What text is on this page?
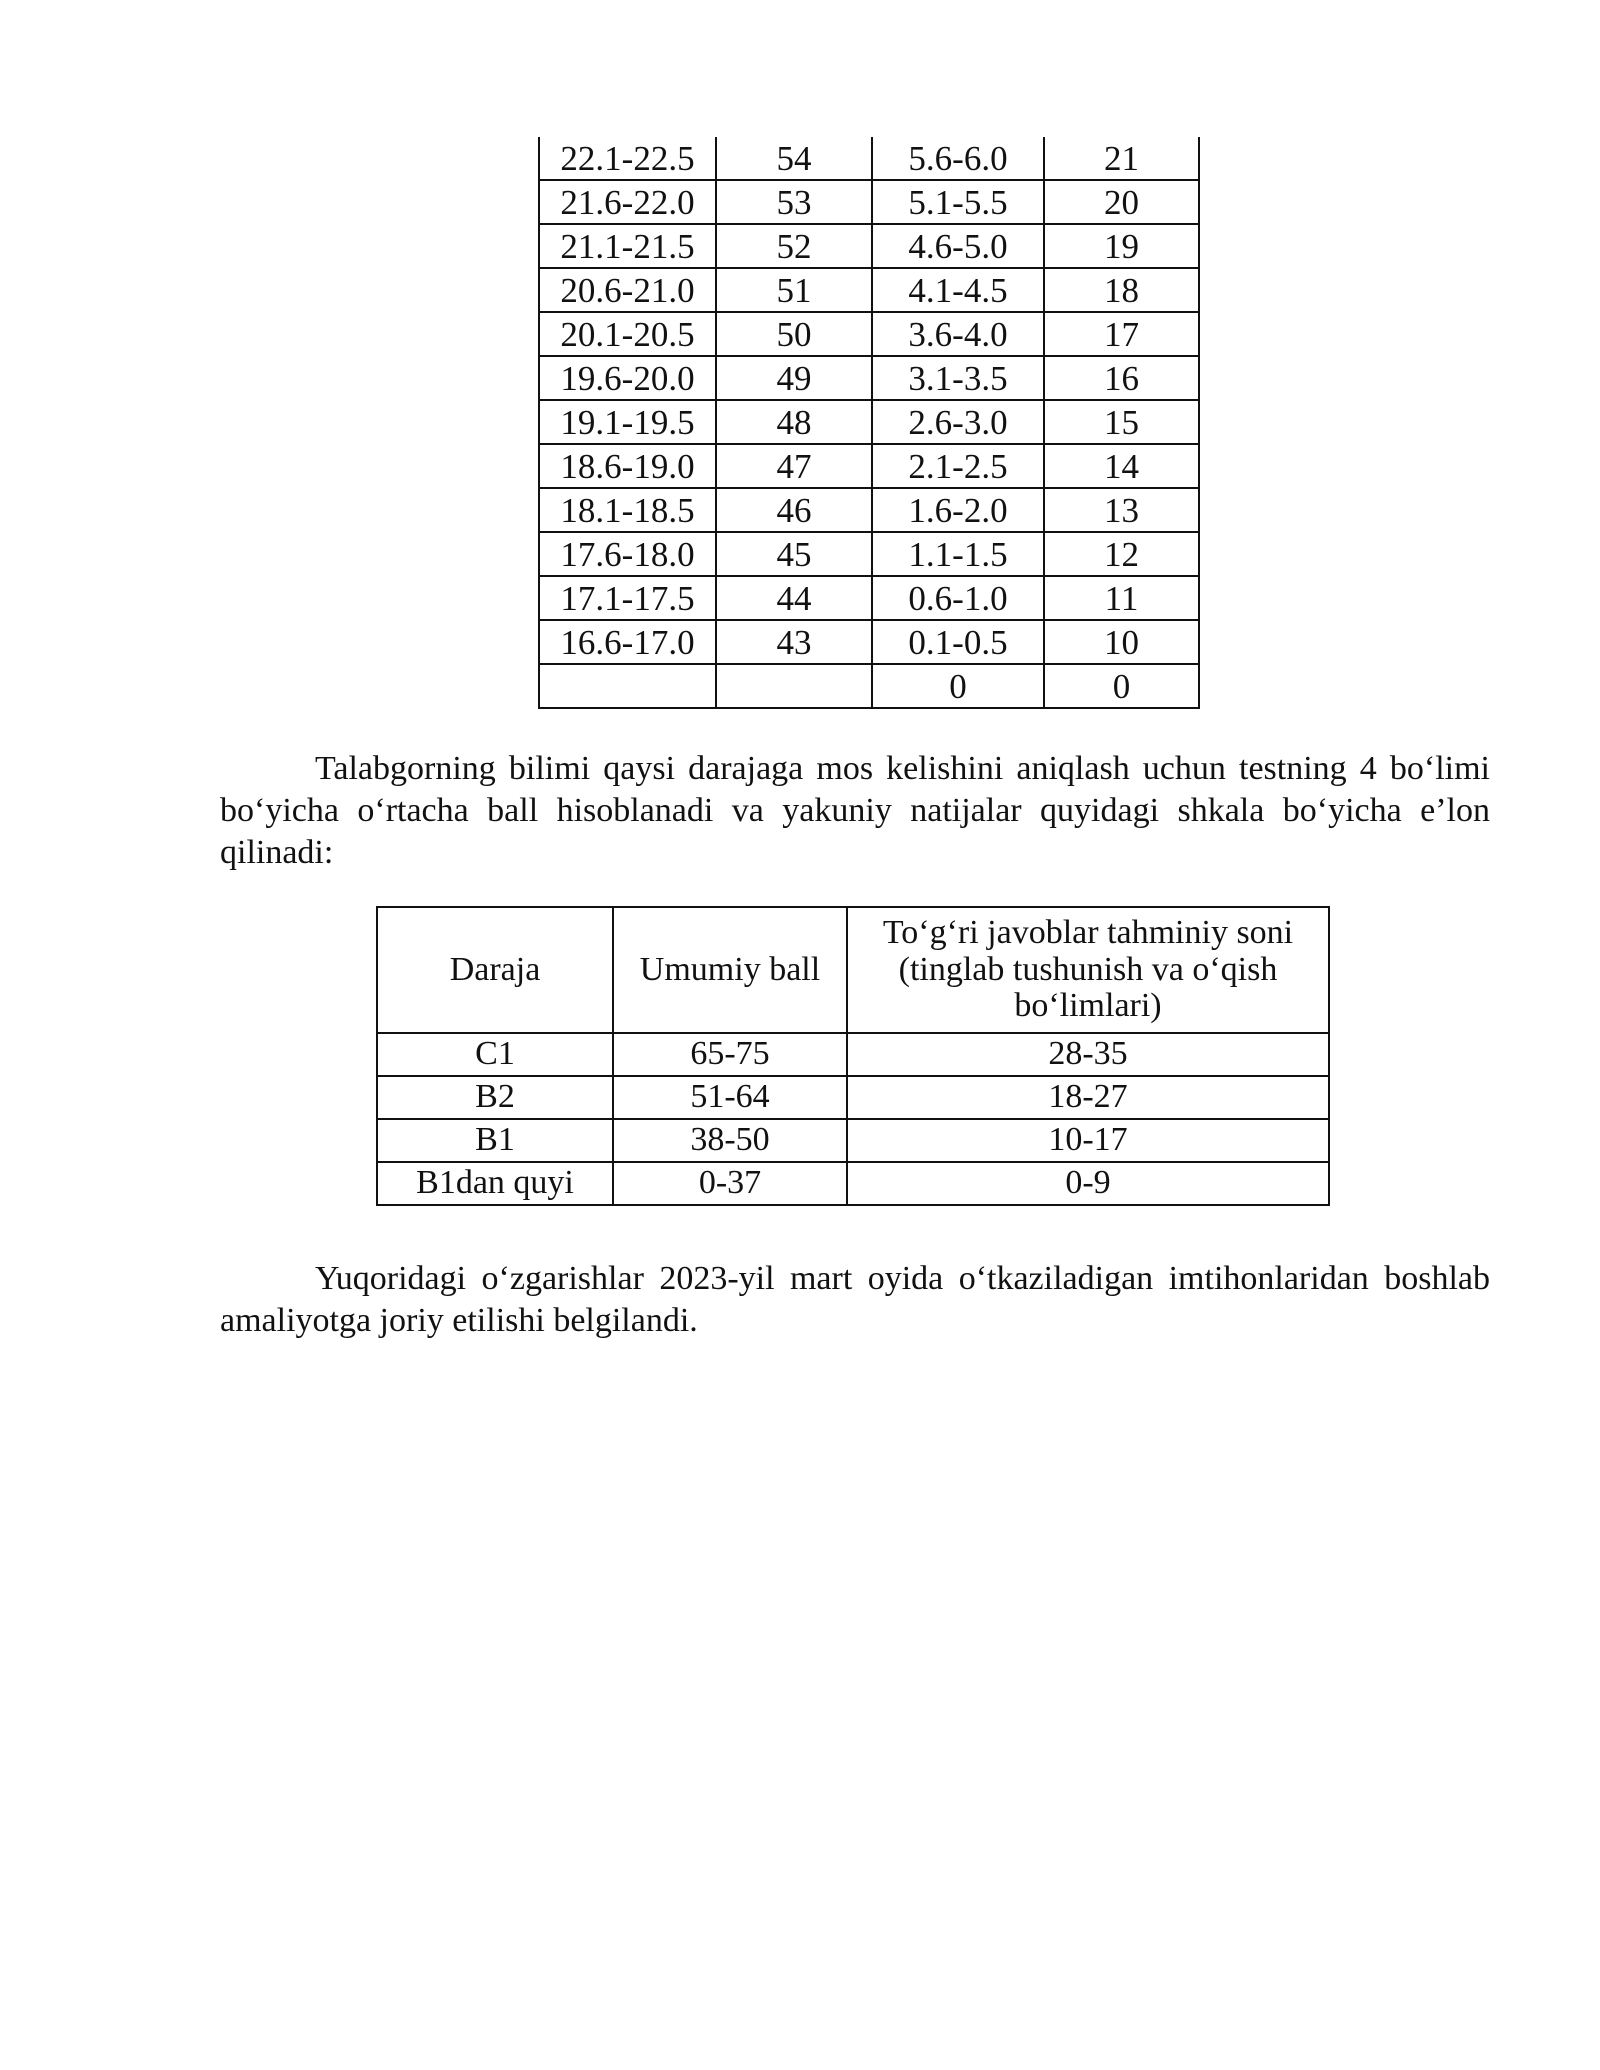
22.1-22.5	54	5.6-6.0	21
21.6-22.0	53	5.1-5.5	20
21.1-21.5	52	4.6-5.0	19
20.6-21.0	51	4.1-4.5	18
20.1-20.5	50	3.6-4.0	17
19.6-20.0	49	3.1-3.5	16
19.1-19.5	48	2.6-3.0	15
18.6-19.0	47	2.1-2.5	14
18.1-18.5	46	1.6-2.0	13
17.6-18.0	45	1.1-1.5	12
17.1-17.5	44	0.6-1.0	11
16.6-17.0	43	0.1-0.5	10
		0	0

Talabgorning bilimi qaysi darajaga mos kelishini aniqlash uchun testning 4 bo‘limi bo‘yicha o‘rtacha ball hisoblanadi va yakuniy natijalar quyidagi shkala bo‘yicha e’lon qilinadi:

Daraja	Umumiy ball	To‘g‘ri javoblar tahminiy soni
(tinglab tushunish va o‘qish
bo‘limlari)

C1	65-75	28-35
B2	51-64	18-27
B1	38-50	10-17
B1dan quyi	0-37	0-9

Yuqoridagi o‘zgarishlar 2023-yil mart oyida o‘tkaziladigan imtihonlaridan boshlab amaliyotga joriy etilishi belgilandi.
